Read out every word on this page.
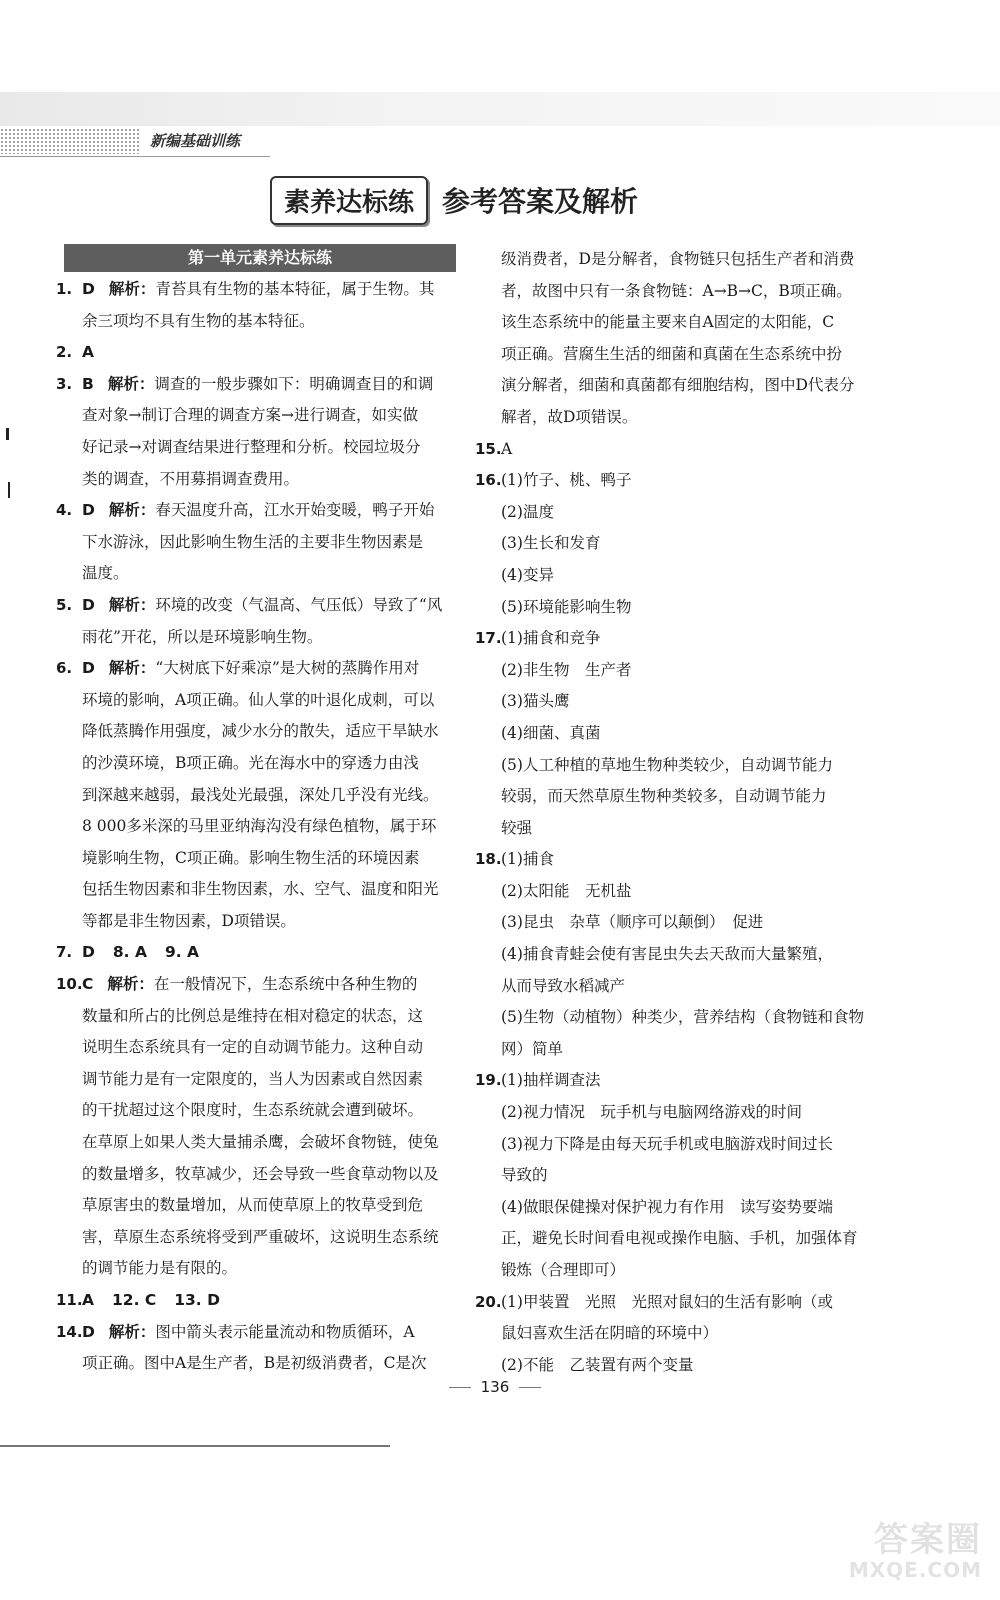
新编基础训练
素养达标练	参考答案及解析
第一单元素养达标练
1. D 解析：青苔具有生物的基本特征，属于生物。其
余三项均不具有生物的基本特征。
2. A
3. B 解析：调查的一般步骤如下：明确调查目的和调
查对象→制订合理的调查方案→进行调查，如实做
好记录→对调查结果进行整理和分析。校园垃圾分
类的调查，不用募捐调查费用。
4. D 解析：春天温度升高，江水开始变暖，鸭子开始
下水游泳，因此影响生物生活的主要非生物因素是
温度。
5. D 解析：环境的改变（气温高、气压低）导致了“风
雨花”开花，所以是环境影响生物。
6. D 解析：“大树底下好乘凉”是大树的蒸腾作用对
环境的影响，A项正确。仙人掌的叶退化成刺，可以
降低蒸腾作用强度，减少水分的散失，适应干旱缺水
的沙漠环境，B项正确。光在海水中的穿透力由浅
到深越来越弱，最浅处光最强，深处几乎没有光线。
8 000多米深的马里亚纳海沟没有绿色植物，属于环
境影响生物，C项正确。影响生物生活的环境因素
包括生物因素和非生物因素，水、空气、温度和阳光
等都是非生物因素，D项错误。
7. D 8. A 9. A
10. C 解析：在一般情况下，生态系统中各种生物的
数量和所占的比例总是维持在相对稳定的状态，这
说明生态系统具有一定的自动调节能力。这种自动
调节能力是有一定限度的，当人为因素或自然因素
的干扰超过这个限度时，生态系统就会遭到破坏。
在草原上如果人类大量捕杀鹰，会破坏食物链，使兔
的数量增多，牧草减少，还会导致一些食草动物以及
草原害虫的数量增加，从而使草原上的牧草受到危
害，草原生态系统将受到严重破坏，这说明生态系统
的调节能力是有限的。
11. A 12. C 13. D
14. D 解析：图中箭头表示能量流动和物质循环，A
项正确。图中A是生产者，B是初级消费者，C是次
级消费者，D是分解者，食物链只包括生产者和消费
者，故图中只有一条食物链：A→B→C，B项正确。
该生态系统中的能量主要来自A固定的太阳能，C
项正确。营腐生生活的细菌和真菌在生态系统中扮
演分解者，细菌和真菌都有细胞结构，图中D代表分
解者，故D项错误。
15. A
16. (1)竹子、桃、鸭子
(2)温度
(3)生长和发育
(4)变异
(5)环境能影响生物
17. (1)捕食和竞争
(2)非生物　生产者
(3)猫头鹰
(4)细菌、真菌
(5)人工种植的草地生物种类较少，自动调节能力
较弱，而天然草原生物种类较多，自动调节能力
较强
18. (1)捕食
(2)太阳能　无机盐
(3)昆虫　杂草（顺序可以颠倒）　促进
(4)捕食青蛙会使有害昆虫失去天敌而大量繁殖，
从而导致水稻减产
(5)生物（动植物）种类少，营养结构（食物链和食物
网）简单
19. (1)抽样调查法
(2)视力情况　玩手机与电脑网络游戏的时间
(3)视力下降是由每天玩手机或电脑游戏时间过长
导致的
(4)做眼保健操对保护视力有作用　读写姿势要端
正，避免长时间看电视或操作电脑、手机，加强体育
锻炼（合理即可）
20. (1)甲装置　光照　光照对鼠妇的生活有影响（或
鼠妇喜欢生活在阴暗的环境中）
(2)不能　乙装置有两个变量
136
答案圈
MXQE.COM
